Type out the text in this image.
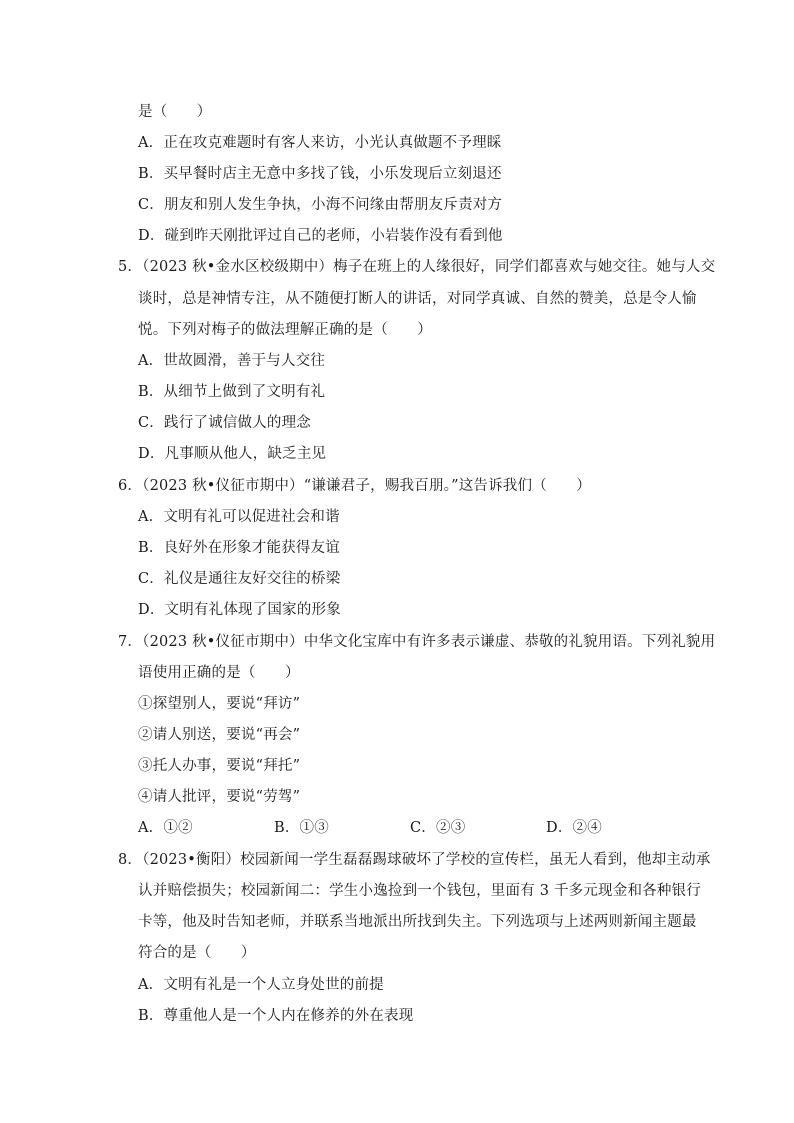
是（　　）
A．正在攻克难题时有客人来访，小光认真做题不予理睬
B．买早餐时店主无意中多找了钱，小乐发现后立刻退还
C．朋友和别人发生争执，小海不问缘由帮朋友斥责对方
D．碰到昨天刚批评过自己的老师，小岩装作没有看到他
5．（2023 秋•金水区校级期中）梅子在班上的人缘很好，同学们都喜欢与她交往。她与人交
谈时，总是神情专注，从不随便打断人的讲话，对同学真诚、自然的赞美，总是令人愉
悦。下列对梅子的做法理解正确的是（　　）
A．世故圆滑，善于与人交往
B．从细节上做到了文明有礼
C．践行了诚信做人的理念
D．凡事顺从他人，缺乏主见
6．（2023 秋•仪征市期中）“谦谦君子，赐我百朋。”这告诉我们（　　）
A．文明有礼可以促进社会和谐
B．良好外在形象才能获得友谊
C．礼仪是通往友好交往的桥梁
D．文明有礼体现了国家的形象
7．（2023 秋•仪征市期中）中华文化宝库中有许多表示谦虚、恭敬的礼貌用语。下列礼貌用
语使用正确的是（　　）
①探望别人，要说“拜访”
②请人别送，要说“再会”
③托人办事，要说“拜托”
④请人批评，要说“劳驾”
A．①②	B．①③	C．②③	D．②④
8．（2023•衡阳）校园新闻一学生磊磊踢球破坏了学校的宣传栏，虽无人看到，他却主动承
认并赔偿损失；校园新闻二：学生小逸捡到一个钱包，里面有 3 千多元现金和各种银行
卡等，他及时告知老师，并联系当地派出所找到失主。下列选项与上述两则新闻主题最
符合的是（　　）
A．文明有礼是一个人立身处世的前提
B．尊重他人是一个人内在修养的外在表现
